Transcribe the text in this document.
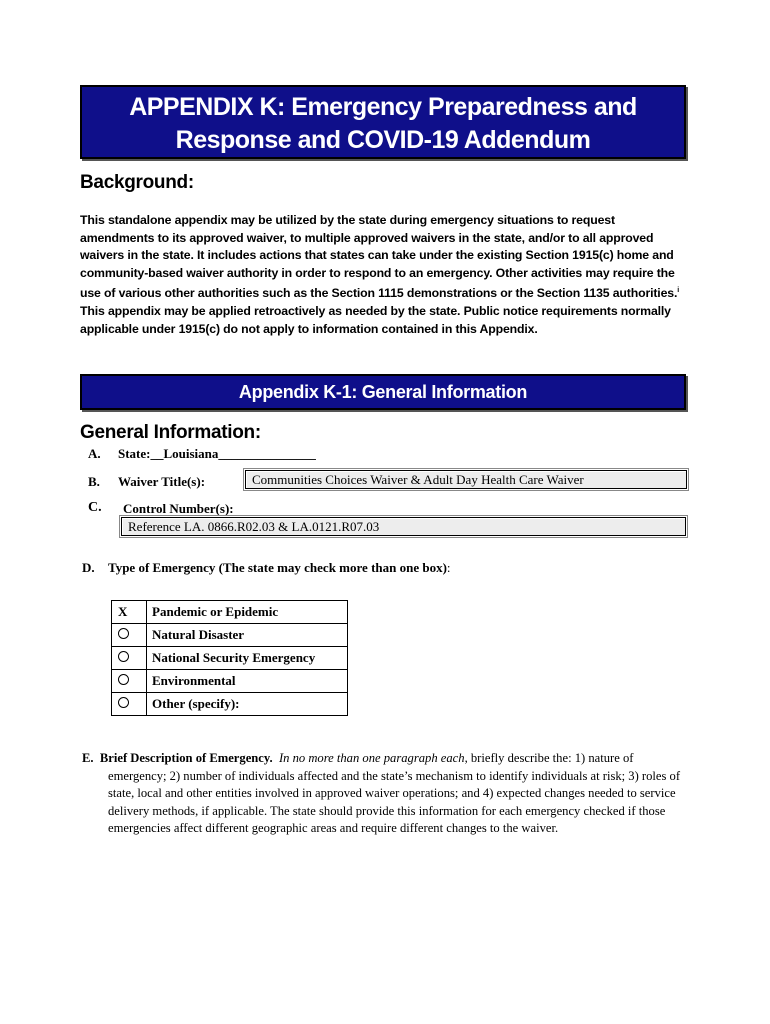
APPENDIX K: Emergency Preparedness and
Response and COVID-19 Addendum
Background:
This standalone appendix may be utilized by the state during emergency situations to request amendments to its approved waiver, to multiple approved waivers in the state, and/or to all approved waivers in the state. It includes actions that states can take under the existing Section 1915(c) home and community-based waiver authority in order to respond to an emergency. Other activities may require the use of various other authorities such as the Section 1115 demonstrations or the Section 1135 authorities.$^i$ This appendix may be applied retroactively as needed by the state. Public notice requirements normally applicable under 1915(c) do not apply to information contained in this Appendix.
Appendix K-1: General Information
General Information:
A. State:__Louisiana_______________
B. Waiver Title(s):	Communities Choices Waiver & Adult Day Health Care Waiver
C. Control Number(s):
Reference LA. 0866.R02.03 & LA.0121.R07.03
D. Type of Emergency (The state may check more than one box):
X	Pandemic or Epidemic
	Natural Disaster
	National Security Emergency
	Environmental
	Other (specify):
E. Brief Description of Emergency. In no more than one paragraph each, briefly describe the: 1) nature of emergency; 2) number of individuals affected and the state’s mechanism to identify individuals at risk; 3) roles of state, local and other entities involved in approved waiver operations; and 4) expected changes needed to service delivery methods, if applicable. The state should provide this information for each emergency checked if those emergencies affect different geographic areas and require different changes to the waiver.
